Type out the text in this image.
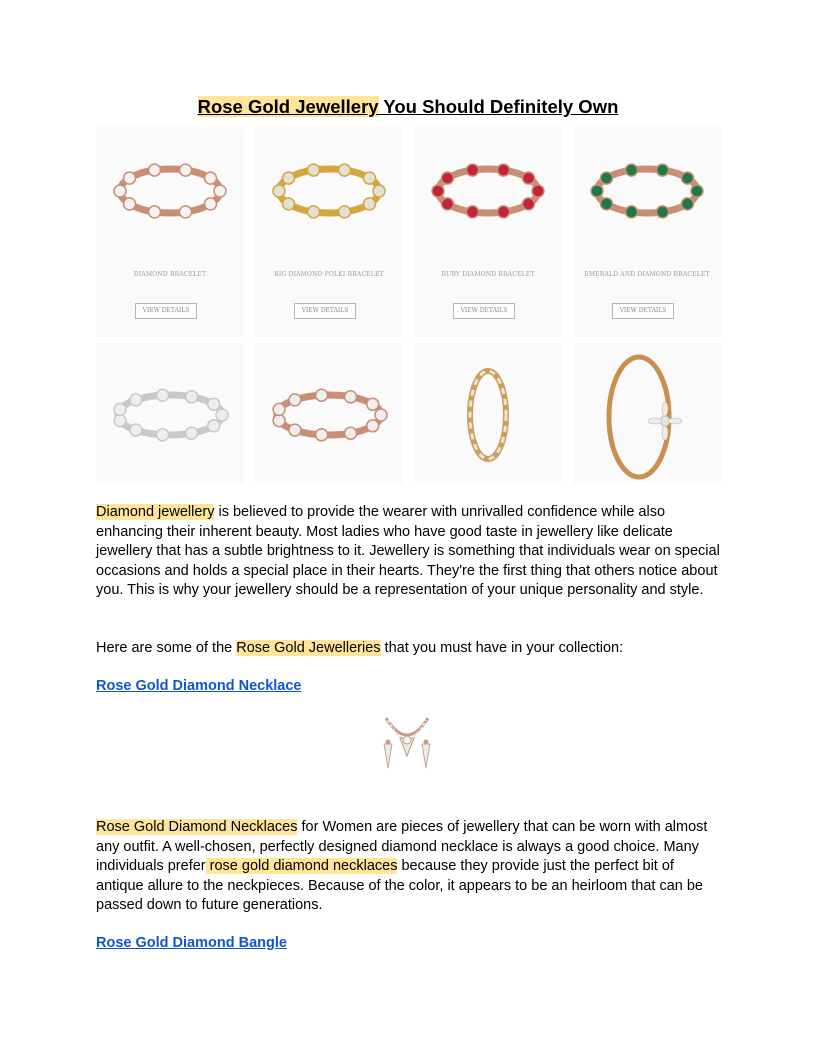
Rose Gold Jewellery You Should Definitely Own
DIAMOND BRACELET
VIEW DETAILS
RIG DIAMOND POLKI BRACELET
VIEW DETAILS
RUBY DIAMOND BRACELET
VIEW DETAILS
EMERALD AND DIAMOND BRACELET
VIEW DETAILS
Diamond jewellery is believed to provide the wearer with unrivalled confidence while also enhancing their inherent beauty. Most ladies who have good taste in jewellery like delicate jewellery that has a subtle brightness to it. Jewellery is something that individuals wear on special occasions and holds a special place in their hearts. They're the first thing that others notice about you. This is why your jewellery should be a representation of your unique personality and style.
Here are some of the Rose Gold Jewelleries that you must have in your collection:
Rose Gold Diamond Necklace
Rose Gold Diamond Necklaces for Women are pieces of jewellery that can be worn with almost any outfit. A well-chosen, perfectly designed diamond necklace is always a good choice. Many individuals prefer rose gold diamond necklaces because they provide just the perfect bit of antique allure to the neckpieces. Because of the color, it appears to be an heirloom that can be passed down to future generations.
Rose Gold Diamond Bangle
